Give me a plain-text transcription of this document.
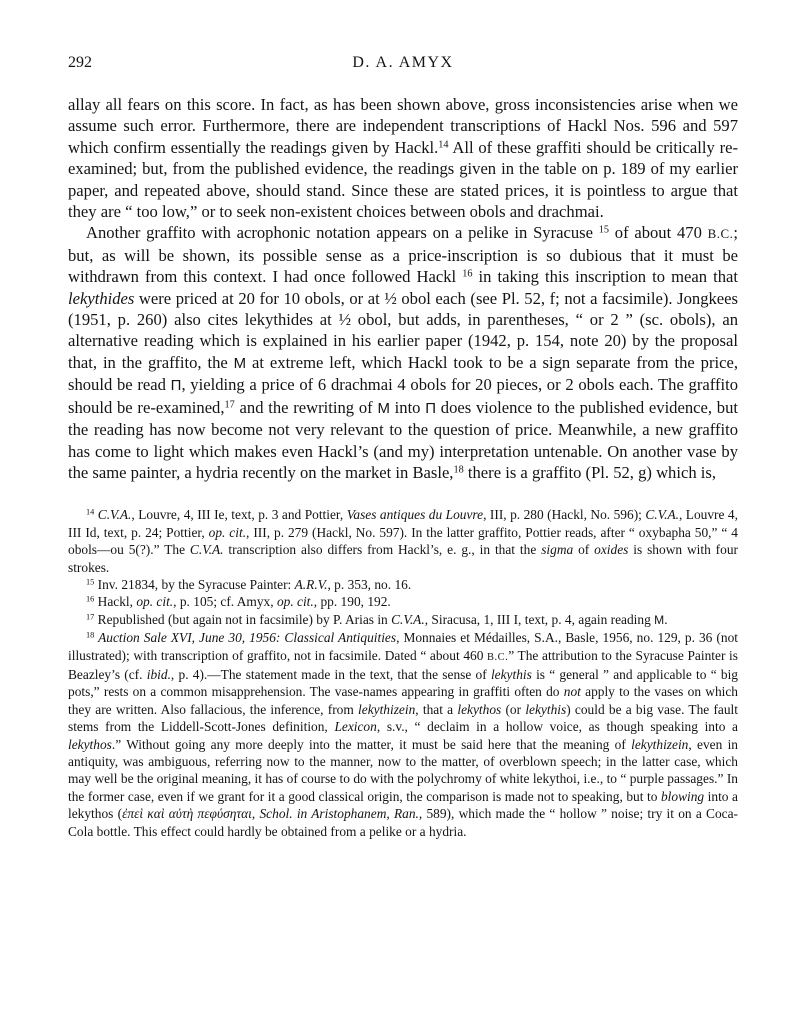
292	D. A. AMYX

allay all fears on this score. In fact, as has been shown above, gross inconsistencies arise when we assume such error. Furthermore, there are independent transcriptions of Hackl Nos. 596 and 597 which confirm essentially the readings given by Hackl.$^{14}$ All of these graffiti should be critically re-examined; but, from the published evidence, the readings given in the table on p. 189 of my earlier paper, and repeated above, should stand. Since these are stated prices, it is pointless to argue that they are “ too low,” or to seek non-existent choices between obols and drachmai.

Another graffito with acrophonic notation appears on a pelike in Syracuse $^{15}$ of about 470 B.C.; but, as will be shown, its possible sense as a price-inscription is so dubious that it must be withdrawn from this context. I had once followed Hackl $^{16}$ in taking this inscription to mean that lekythides were priced at 20 for 10 obols, or at ½ obol each (see Pl. 52, f; not a facsimile). Jongkees (1951, p. 260) also cites lekythides at ½ obol, but adds, in parentheses, “ or 2 ” (sc. obols), an alternative reading which is explained in his earlier paper (1942, p. 154, note 20) by the proposal that, in the graffito, the M at extreme left, which Hackl took to be a sign separate from the price, should be read Π, yielding a price of 6 drachmai 4 obols for 20 pieces, or 2 obols each. The graffito should be re-examined,$^{17}$ and the rewriting of M into Π does violence to the published evidence, but the reading has now become not very relevant to the question of price. Meanwhile, a new graffito has come to light which makes even Hackl’s (and my) interpretation untenable. On another vase by the same painter, a hydria recently on the market in Basle,$^{18}$ there is a graffito (Pl. 52, g) which is,

$^{14}$ C.V.A., Louvre, 4, III Ie, text, p. 3 and Pottier, Vases antiques du Louvre, III, p. 280 (Hackl, No. 596); C.V.A., Louvre 4, III Id, text, p. 24; Pottier, op. cit., III, p. 279 (Hackl, No. 597). In the latter graffito, Pottier reads, after “ oxybapha 50,” “ 4 obols—ou 5(?).” The C.V.A. transcription also differs from Hackl’s, e. g., in that the sigma of oxides is shown with four strokes.

$^{15}$ Inv. 21834, by the Syracuse Painter: A.R.V., p. 353, no. 16.

$^{16}$ Hackl, op. cit., p. 105; cf. Amyx, op. cit., pp. 190, 192.

$^{17}$ Republished (but again not in facsimile) by P. Arias in C.V.A., Siracusa, 1, III I, text, p. 4, again reading M.

$^{18}$ Auction Sale XVI, June 30, 1956: Classical Antiquities, Monnaies et Médailles, S.A., Basle, 1956, no. 129, p. 36 (not illustrated); with transcription of graffito, not in facsimile. Dated “ about 460 B.C.” The attribution to the Syracuse Painter is Beazley’s (cf. ibid., p. 4).—The statement made in the text, that the sense of lekythis is “ general ” and applicable to “ big pots,” rests on a common misapprehension. The vase-names appearing in graffiti often do not apply to the vases on which they are written. Also fallacious, the inference, from lekythizein, that a lekythos (or lekythis) could be a big vase. The fault stems from the Liddell-Scott-Jones definition, Lexicon, s.v., “ declaim in a hollow voice, as though speaking into a lekythos.” Without going any more deeply into the matter, it must be said here that the meaning of lekythizein, even in antiquity, was ambiguous, referring now to the manner, now to the matter, of overblown speech; in the latter case, which may well be the original meaning, it has of course to do with the polychromy of white lekythoi, i.e., to “ purple passages.” In the former case, even if we grant for it a good classical origin, the comparison is made not to speaking, but to blowing into a lekythos (ἐπεὶ καὶ αὐτὴ πεφύσηται, Schol. in Aristophanem, Ran., 589), which made the “ hollow ” noise; try it on a Coca-Cola bottle. This effect could hardly be obtained from a pelike or a hydria.
